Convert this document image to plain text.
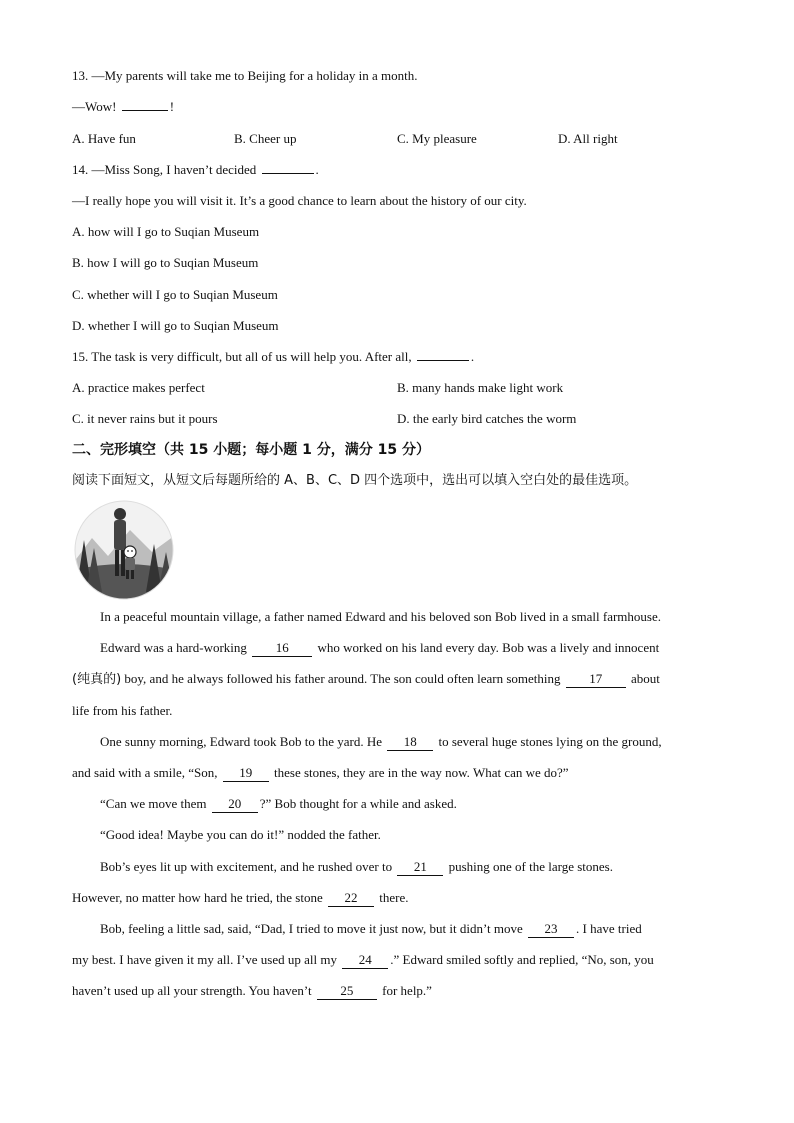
13. —My parents will take me to Beijing for a holiday in a month.
—Wow!	!
A. Have fun	B. Cheer up	C. My pleasure	D. All right
14. —Miss Song, I haven’t decided	.
—I really hope you will visit it. It’s a good chance to learn about the history of our city.
A. how will I go to Suqian Museum
B. how I will go to Suqian Museum
C. whether will I go to Suqian Museum
D. whether I will go to Suqian Museum
15. The task is very difficult, but all of us will help you. After all,	.
A. practice makes perfect	B. many hands make light work
C. it never rains but it pours	D. the early bird catches the worm
二、完形填空（共 15 小题；每小题 1 分，满分 15 分）
阅读下面短文，从短文后每题所给的 A、B、C、D 四个选项中，选出可以填入空白处的最佳选项。
In a peaceful mountain village, a father named Edward and his beloved son Bob lived in a small farmhouse.
Edward was a hard-working 16 who worked on his land every day. Bob was a lively and innocent
(纯真的) boy, and he always followed his father around. The son could often learn something 17 about
life from his father.
One sunny morning, Edward took Bob to the yard. He 18 to several huge stones lying on the ground,
and said with a smile, “Son, 19 these stones, they are in the way now. What can we do?”
“Can we move them 20 ?” Bob thought for a while and asked.
“Good idea! Maybe you can do it!” nodded the father.
Bob’s eyes lit up with excitement, and he rushed over to 21 pushing one of the large stones.
However, no matter how hard he tried, the stone 22 there.
Bob, feeling a little sad, said, “Dad, I tried to move it just now, but it didn’t move 23 . I have tried
my best. I have given it my all. I’ve used up all my 24 .” Edward smiled softly and replied, “No, son, you
haven’t used up all your strength. You haven’t 25 for help.”
